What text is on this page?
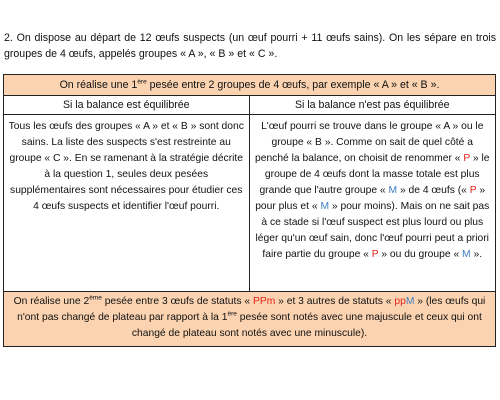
2. On dispose au départ de 12 œufs suspects (un œuf pourri + 11 œufs sains). On les sépare en trois groupes de 4 œufs, appelés groupes « A », « B » et « C ».
On réalise une 1ère pesée entre 2 groupes de 4 œufs, par exemple « A » et « B ».
Si la balance est équilibrée	Si la balance n'est pas équilibrée
Tous les œufs des groupes « A » et « B » sont donc sains. La liste des suspects s'est restreinte au groupe « C ». En se ramenant à la stratégie décrite à la question 1, seules deux pesées supplémentaires sont nécessaires pour étudier ces 4 œufs suspects et identifier l'œuf pourri.
L'œuf pourri se trouve dans le groupe « A » ou le groupe « B ». Comme on sait de quel côté a penché la balance, on choisit de renommer « P » le groupe de 4 œufs dont la masse totale est plus grande que l'autre groupe « M » de 4 œufs (« P » pour plus et « M » pour moins). Mais on ne sait pas à ce stade si l'œuf suspect est plus lourd ou plus léger qu'un œuf sain, donc l'œuf pourri peut a priori faire partie du groupe « P » ou du groupe « M ».
On réalise une 2ème pesée entre 3 œufs de statuts « PPm » et 3 autres de statuts « ppM » (les œufs qui n'ont pas changé de plateau par rapport à la 1ère pesée sont notés avec une majuscule et ceux qui ont changé de plateau sont notés avec une minuscule).
